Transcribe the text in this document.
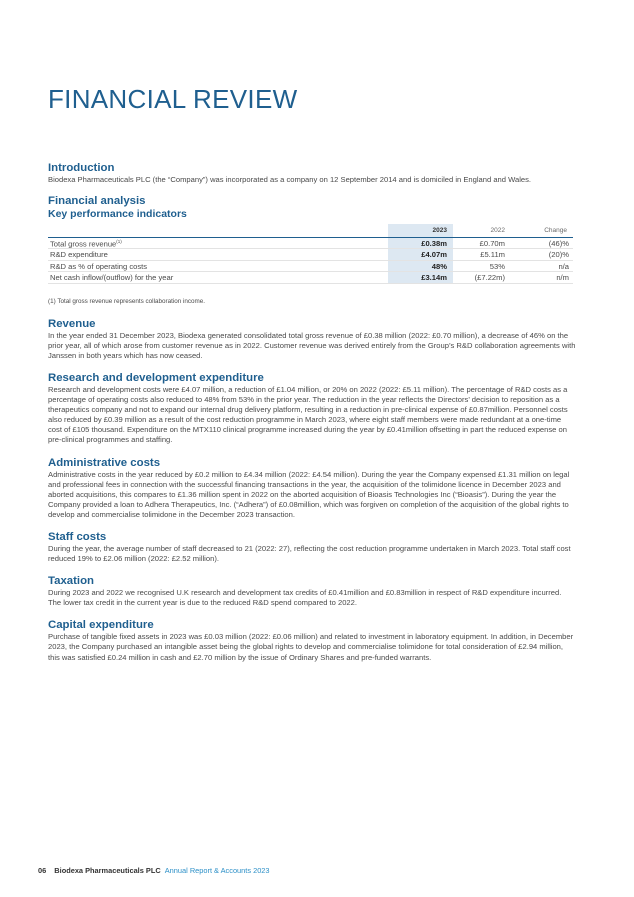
FINANCIAL REVIEW
Introduction

Biodexa Pharmaceuticals PLC (the “Company”) was incorporated as a company on 12 September 2014 and is domiciled in England and Wales.

Financial analysis
Key performance indicators
	2023	2022	Change
Total gross revenue$^{(1)}$	£0.38m	£0.70m	(46)%
R&D expenditure	£4.07m	£5.11m	(20)%
R&D as % of operating costs	48%	53%	n/a
Net cash inflow/(outflow) for the year	£3.14m	(£7.22m)	n/m
(1) Total gross revenue represents collaboration income.
Revenue

In the year ended 31 December 2023, Biodexa generated consolidated total gross revenue of £0.38 million (2022: £0.70 million), a decrease of 46% on the prior year, all of which arose from customer revenue as in 2022. Customer revenue was derived entirely from the Group’s R&D collaboration agreements with Janssen in both years which has now ceased.

Research and development expenditure

Research and development costs were £4.07 million, a reduction of £1.04 million, or 20% on 2022 (2022: £5.11 million). The percentage of R&D costs as a percentage of operating costs also reduced to 48% from 53% in the prior year. The reduction in the year reflects the Directors’ decision to reposition as a therapeutics company and not to expand our internal drug delivery platform, resulting in a reduction in pre-clinical expense of £0.87million. Personnel costs also reduced by £0.39 million as a result of the cost reduction programme in March 2023, where eight staff members were made redundant at a one-time cost of £105 thousand. Expenditure on the MTX110 clinical programme increased during the year by £0.41million offsetting in part the reduced expense on pre-clinical programmes and staffing.

Administrative costs

Administrative costs in the year reduced by £0.2 million to £4.34 million (2022: £4.54 million). During the year the Company expensed £1.31 million on legal and professional fees in connection with the successful financing transactions in the year, the acquisition of the tolimidone licence in December 2023 and aborted acquisitions, this compares to £1.36 million spent in 2022 on the aborted acquisition of Bioasis Technologies Inc (“Bioasis”). During the year the Company provided a loan to Adhera Therapeutics, Inc. (“Adhera”) of £0.08million, which was forgiven on completion of the acquisition of the global rights to develop and commercialise tolimidone in the December 2023 transaction.

Staff costs

During the year, the average number of staff decreased to 21 (2022: 27), reflecting the cost reduction programme undertaken in March 2023. Total staff cost reduced 19% to £2.06 million (2022: £2.52 million).

Taxation

During 2023 and 2022 we recognised U.K research and development tax credits of £0.41million and £0.83million in respect of R&D expenditure incurred. The lower tax credit in the current year is due to the reduced R&D spend compared to 2022.

Capital expenditure

Purchase of tangible fixed assets in 2023 was £0.03 million (2022: £0.06 million) and related to investment in laboratory equipment. In addition, in December 2023, the Company purchased an intangible asset being the global rights to develop and commercialise tolimidone for total consideration of £2.94 million, this was satisfied £0.24 million in cash and £2.70 million by the issue of Ordinary Shares and pre-funded warrants.

06 Biodexa Pharmaceuticals PLC Annual Report & Accounts 2023
